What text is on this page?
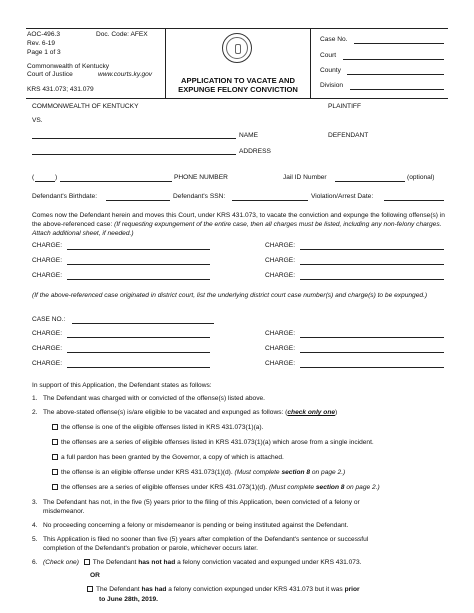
AOC-496.3	Doc. Code: AFEX
Rev. 6-19
Page 1 of 3
Commonwealth of Kentucky
Court of Justice	www.courts.ky.gov
KRS 431.073; 431.079
APPLICATION TO VACATE AND
EXPUNGE FELONY CONVICTION
Case No.
Court
County
Division
COMMONWEALTH OF KENTUCKY	PLAINTIFF
VS.
NAME	DEFENDANT
ADDRESS
(	)	PHONE NUMBER	Jail ID Number	(optional)
Defendant's Birthdate:	Defendant's SSN:	Violation/Arrest Date:
Comes now the Defendant herein and moves this Court, under KRS 431.073, to vacate the conviction and expunge the following offense(s) in the above-referenced case: (If requesting expungement of the entire case, then all charges must be listed, including any non-felony charges. Attach additional sheet, if needed.)
CHARGE:	CHARGE:
CHARGE:	CHARGE:
CHARGE:	CHARGE:
(If the above-referenced case originated in district court, list the underlying district court case number(s) and charge(s) to be expunged.)
CASE NO.:
CHARGE:	CHARGE:
CHARGE:	CHARGE:
CHARGE:	CHARGE:
In support of this Application, the Defendant states as follows:
1. The Defendant was charged with or convicted of the offense(s) listed above.
2. The above-stated offense(s) is/are eligible to be vacated and expunged as follows: (check only one)
the offense is one of the eligible offenses listed in KRS 431.073(1)(a).
the offenses are a series of eligible offenses listed in KRS 431.073(1)(a) which arose from a single incident.
a full pardon has been granted by the Governor, a copy of which is attached.
the offense is an eligible offense under KRS 431.073(1)(d). (Must complete section 8 on page 2.)
the offenses are a series of eligible offenses under KRS 431.073(1)(d). (Must complete section 8 on page 2.)
3. The Defendant has not, in the five (5) years prior to the filing of this Application, been convicted of a felony or
misdemeanor.
4. No proceeding concerning a felony or misdemeanor is pending or being instituted against the Defendant.
5. This Application is filed no sooner than five (5) years after completion of the Defendant's sentence or successful
completion of the Defendant's probation or parole, whichever occurs later.
6. (Check one) The Defendant has not had a felony conviction vacated and expunged under KRS 431.073.
OR
The Defendant has had a felony conviction expunged under KRS 431.073 but it was prior
to June 28th, 2019.
